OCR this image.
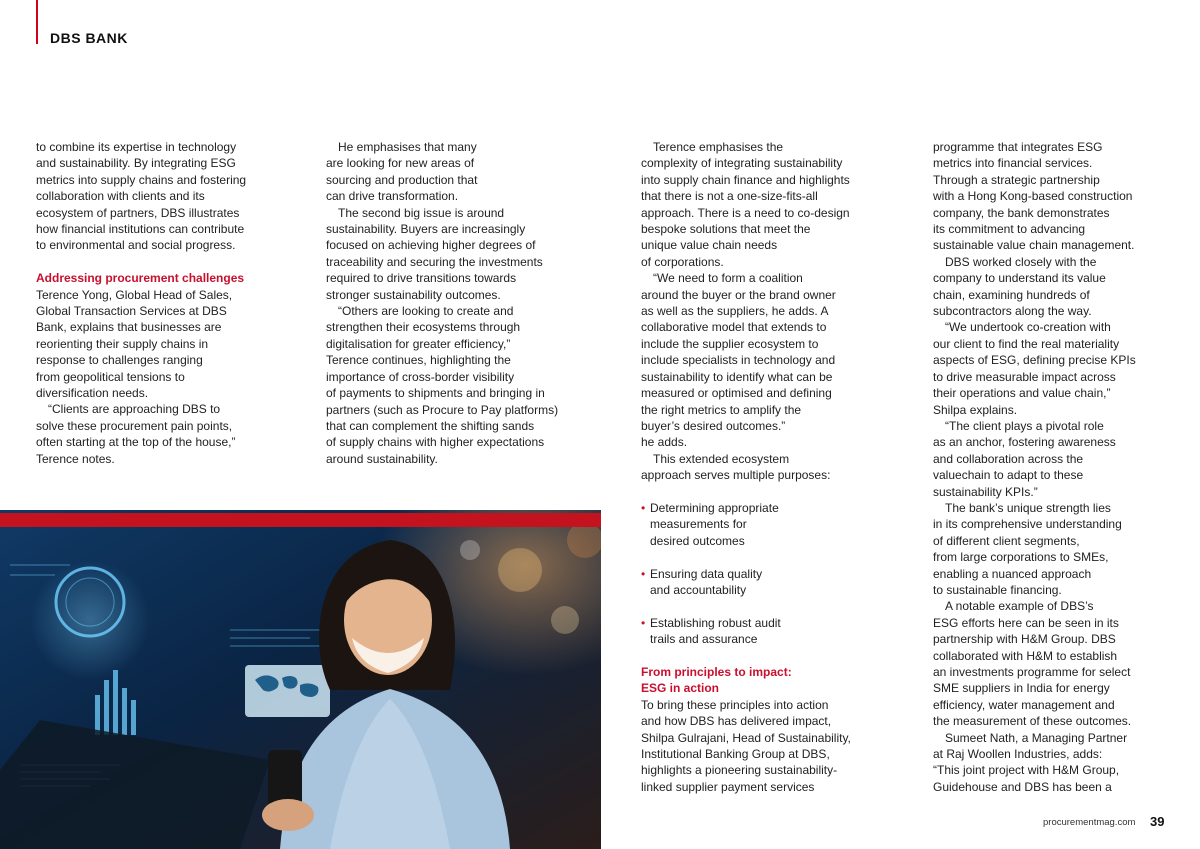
DBS BANK

to combine its expertise in technology

and sustainability. By integrating ESG

metrics into supply chains and fostering

collaboration with clients and its

ecosystem of partners, DBS illustrates

how financial institutions can contribute

to environmental and social progress.

Addressing procurement challenges

Terence Yong, Global Head of Sales,

Global Transaction Services at DBS

Bank, explains that businesses are

reorienting their supply chains in

response to challenges ranging

from geopolitical tensions to

diversification needs.

“Clients are approaching DBS to

solve these procurement pain points,

often starting at the top of the house,”

Terence notes.

He emphasises that many

are looking for new areas of

sourcing and production that

can drive transformation.

The second big issue is around

sustainability. Buyers are increasingly

focused on achieving higher degrees of

traceability and securing the investments

required to drive transitions towards

stronger sustainability outcomes.

“Others are looking to create and

strengthen their ecosystems through

digitalisation for greater efficiency,”

Terence continues, highlighting the

importance of cross-border visibility

of payments to shipments and bringing in

partners (such as Procure to Pay platforms)

that can complement the shifting sands

of supply chains with higher expectations

around sustainability.

Terence emphasises the

complexity of integrating sustainability

into supply chain finance and highlights

that there is not a one-size-fits-all

approach. There is a need to co-design

bespoke solutions that meet the

unique value chain needs

of corporations.

“We need to form a coalition

around the buyer or the brand owner

as well as the suppliers, he adds. A

collaborative model that extends to

include the supplier ecosystem to

include specialists in technology and

sustainability to identify what can be

measured or optimised and defining

the right metrics to amplify the

buyer’s desired outcomes.”

he adds.

This extended ecosystem

approach serves multiple purposes:

• Determining appropriate
measurements for
desired outcomes
• Ensuring data quality
and accountability
• Establishing robust audit
trails and assurance

From principles to impact:

ESG in action

To bring these principles into action

and how DBS has delivered impact,

Shilpa Gulrajani, Head of Sustainability,

Institutional Banking Group at DBS,

highlights a pioneering sustainability-

linked supplier payment services

programme that integrates ESG

metrics into financial services.

Through a strategic partnership

with a Hong Kong-based construction

company, the bank demonstrates

its commitment to advancing

sustainable value chain management.

DBS worked closely with the

company to understand its value

chain, examining hundreds of

subcontractors along the way.

“We undertook co-creation with

our client to find the real materiality

aspects of ESG, defining precise KPIs

to drive measurable impact across

their operations and value chain,”

Shilpa explains.

“The client plays a pivotal role

as an anchor, fostering awareness

and collaboration across the

valuechain to adapt to these

sustainability KPIs.”

The bank’s unique strength lies

in its comprehensive understanding

of different client segments,

from large corporations to SMEs,

enabling a nuanced approach

to sustainable financing.

A notable example of DBS’s

ESG efforts here can be seen in its

partnership with H&M Group. DBS

collaborated with H&M to establish

an investments programme for select

SME suppliers in India for energy

efficiency, water management and

the measurement of these outcomes.

Sumeet Nath, a Managing Partner

at Raj Woollen Industries, adds:

“This joint project with H&M Group,

Guidehouse and DBS has been a

procurementmag.com 39
